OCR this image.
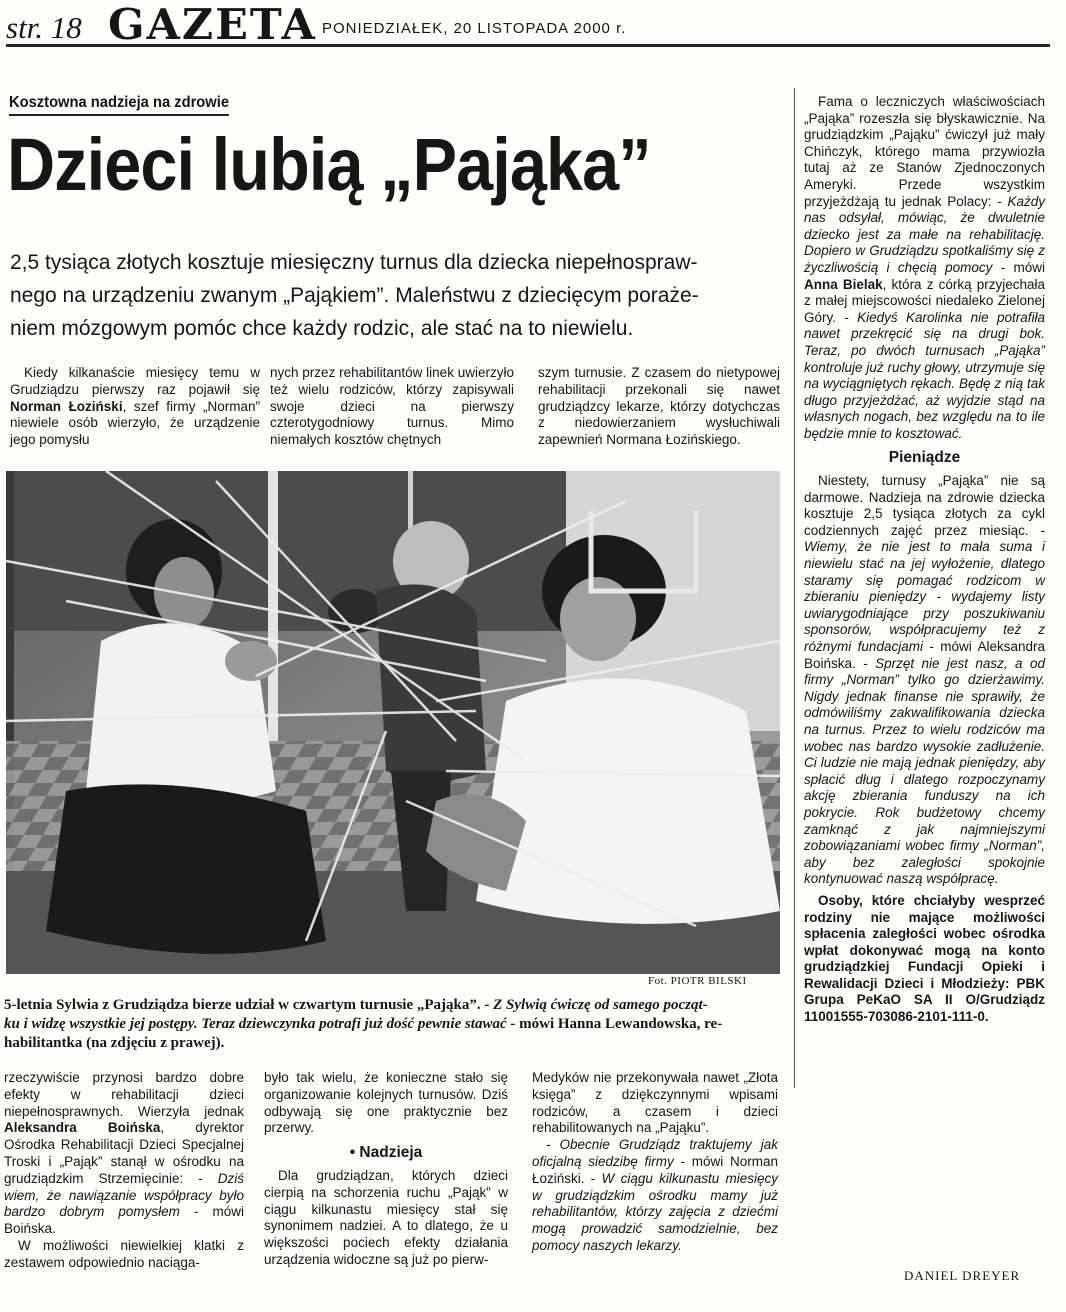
str. 18 GAZETA PONIEDZIAŁEK, 20 LISTOPADA 2000 r.
Kosztowna nadzieja na zdrowie
Dzieci lubią „Pająka”
2,5 tysiąca złotych kosztuje miesięczny turnus dla dziecka niepełnospraw-
nego na urządzeniu zwanym „Pająkiem”. Maleństwu z dziecięcym poraże-
niem mózgowym pomóc chce każdy rodzic, ale stać na to niewielu.

Kiedy kilkanaście miesięcy temu w Grudziądzu pierwszy raz pojawił się Norman Łoziński, szef firmy „Norman” niewiele osób wierzyło, że urządzenie jego pomysłu

nych przez rehabilitantów linek uwierzyło też wielu rodziców, którzy zapisywali swoje dzieci na pierwszy czterotygodniowy turnus. Mimo niemałych kosztów chętnych

szym turnusie. Z czasem do nietypowej rehabilitacji przekonali się nawet grudziądzcy lekarze, którzy dotychczas z niedowierzaniem wysłuchiwali zapewnień Normana Łozińskiego.

Fot. PIOTR BILSKI
5-letnia Sylwia z Grudziądza bierze udział w czwartym turnusie „Pająka”. - Z Sylwią ćwiczę od samego począt-
ku i widzę wszystkie jej postępy. Teraz dziewczynka potrafi już dość pewnie stawać - mówi Hanna Lewandowska, re-
habilitantka (na zdjęciu z prawej).

Fama o leczniczych właściwościach „Pająka” rozeszła się błyskawicznie. Na grudziądzkim „Pająku” ćwiczył już mały Chińczyk, którego mama przywiozła tutaj aż ze Stanów Zjednoczonych Ameryki. Przede wszystkim przyjeżdżają tu jednak Polacy: - Każdy nas odsyłał, mówiąc, że dwuletnie dziecko jest za małe na rehabilitację. Dopiero w Grudziądzu spotkaliśmy się z życzliwością i chęcią pomocy - mówi Anna Bielak, która z córką przyjechała z małej miejscowości niedaleko Zielonej Góry. - Kiedyś Karolinka nie potrafiła nawet przekręcić się na drugi bok. Teraz, po dwóch turnusach „Pająka” kontroluje już ruchy głowy, utrzymuje się na wyciągniętych rękach. Będę z nią tak długo przyjeżdżać, aż wyjdzie stąd na własnych nogach, bez względu na to ile będzie mnie to kosztować.

Pieniądze

Niestety, turnusy „Pająka” nie są darmowe. Nadzieja na zdrowie dziecka kosztuje 2,5 tysiąca złotych za cykl codziennych zajęć przez miesiąc. - Wiemy, że nie jest to mała suma i niewielu stać na jej wyłożenie, dlatego staramy się pomagać rodzicom w zbieraniu pieniędzy - wydajemy listy uwiarygodniające przy poszukiwaniu sponsorów, współpracujemy też z różnymi fundacjami - mówi Aleksandra Boińska. - Sprzęt nie jest nasz, a od firmy „Norman” tylko go dzierżawimy. Nigdy jednak finanse nie sprawiły, że odmówiliśmy zakwalifikowania dziecka na turnus. Przez to wielu rodziców ma wobec nas bardzo wysokie zadłużenie. Ci ludzie nie mają jednak pieniędzy, aby spłacić dług i dlatego rozpoczynamy akcję zbierania funduszy na ich pokrycie. Rok budżetowy chcemy zamknąć z jak najmniejszymi zobowiązaniami wobec firmy „Norman”, aby bez zaległości spokojnie kontynuować naszą współpracę.

Osoby, które chciałyby wesprzeć rodziny nie mające możliwości spłacenia zaległości wobec ośrodka wpłat dokonywać mogą na konto grudziądzkiej Fundacji Opieki i Rewalidacji Dzieci i Młodzieży: PBK Grupa PeKaO SA II O/Grudziądz 11001555-703086-2101-111-0.

rzeczywiście przynosi bardzo dobre efekty w rehabilitacji dzieci niepełnosprawnych. Wierzyła jednak Aleksandra Boińska, dyrektor Ośrodka Rehabilitacji Dzieci Specjalnej Troski i „Pająk” stanął w ośrodku na grudziądzkim Strzemięcinie: - Dziś wiem, że nawiązanie współpracy było bardzo dobrym pomysłem - mówi Boińska.

W możliwości niewielkiej klatki z zestawem odpowiednio naciąga-

było tak wielu, że konieczne stało się organizowanie kolejnych turnusów. Dziś odbywają się one praktycznie bez przerwy.

• Nadzieja

Dla grudziądzan, których dzieci cierpią na schorzenia ruchu „Pająk” w ciągu kilkunastu miesięcy stał się synonimem nadziei. A to dlatego, że u większości pociech efekty działania urządzenia widoczne są już po pierw-

Medyków nie przekonywała nawet „Złota księga” z dziękczynnymi wpisami rodziców, a czasem i dzieci rehabilitowanych na „Pająku”.

- Obecnie Grudziądz traktujemy jak oficjalną siedzibę firmy - mówi Norman Łoziński. - W ciągu kilkunastu miesięcy w grudziądzkim ośrodku mamy już rehabilitantów, którzy zajęcia z dziećmi mogą prowadzić samodzielnie, bez pomocy naszych lekarzy.

DANIEL DREYER
